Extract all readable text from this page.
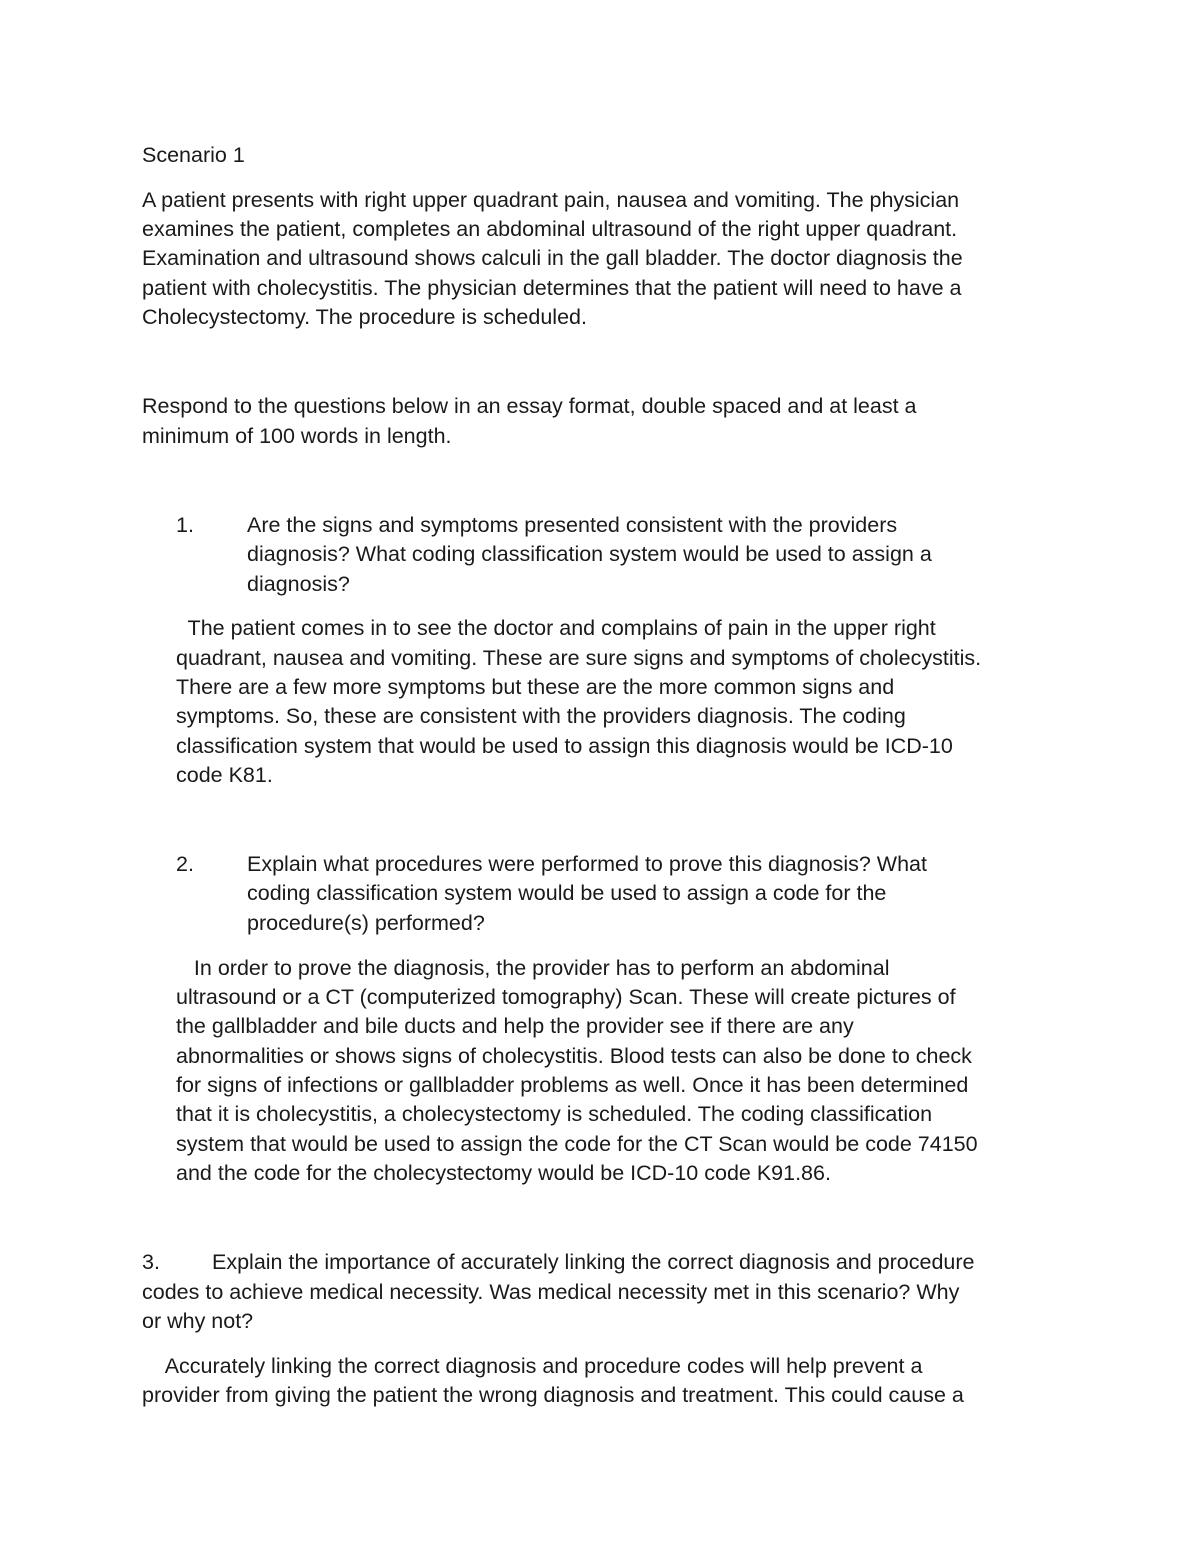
Scenario 1

A patient presents with right upper quadrant pain, nausea and vomiting. The physician

examines the patient, completes an abdominal ultrasound of the right upper quadrant.

Examination and ultrasound shows calculi in the gall bladder. The doctor diagnosis the

patient with cholecystitis. The physician determines that the patient will need to have a

Cholecystectomy. The procedure is scheduled.

Respond to the questions below in an essay format, double spaced and at least a

minimum of 100 words in length.

1. Are the signs and symptoms presented consistent with the providers

diagnosis? What coding classification system would be used to assign a

diagnosis?

The patient comes in to see the doctor and complains of pain in the upper right

quadrant, nausea and vomiting. These are sure signs and symptoms of cholecystitis.

There are a few more symptoms but these are the more common signs and

symptoms. So, these are consistent with the providers diagnosis. The coding

classification system that would be used to assign this diagnosis would be ICD-10

code K81.

2. Explain what procedures were performed to prove this diagnosis? What

coding classification system would be used to assign a code for the

procedure(s) performed?

In order to prove the diagnosis, the provider has to perform an abdominal

ultrasound or a CT (computerized tomography) Scan. These will create pictures of

the gallbladder and bile ducts and help the provider see if there are any

abnormalities or shows signs of cholecystitis. Blood tests can also be done to check

for signs of infections or gallbladder problems as well. Once it has been determined

that it is cholecystitis, a cholecystectomy is scheduled. The coding classification

system that would be used to assign the code for the CT Scan would be code 74150

and the code for the cholecystectomy would be ICD-10 code K91.86.

3. Explain the importance of accurately linking the correct diagnosis and procedure

codes to achieve medical necessity. Was medical necessity met in this scenario? Why

or why not?

Accurately linking the correct diagnosis and procedure codes will help prevent a

provider from giving the patient the wrong diagnosis and treatment. This could cause a
